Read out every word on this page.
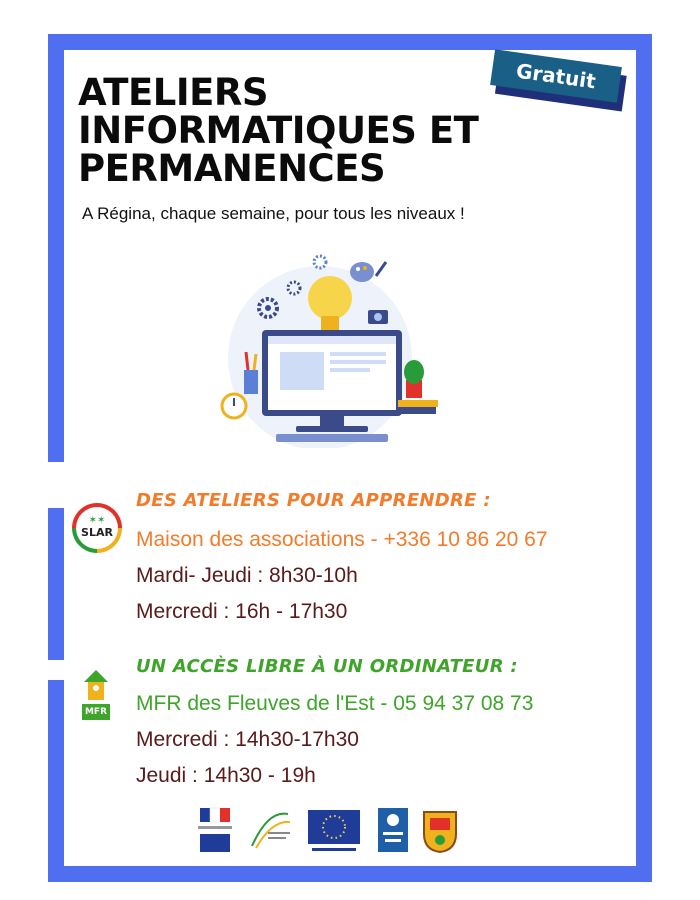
Gratuit
ATELIERS
INFORMATIQUES ET
PERMANENCES

A Régina, chaque semaine, pour tous les niveaux !

✶✶
SLAR

DES ATELIERS POUR APPRENDRE :

Maison des associations - +336 10 86 20 67

Mardi- Jeudi : 8h30-10h

Mercredi : 16h - 17h30

MFR

UN ACCÈS LIBRE À UN ORDINATEUR :

MFR des Fleuves de l'Est - 05 94 37 08 73

Mercredi : 14h30-17h30

Jeudi : 14h30 - 19h
